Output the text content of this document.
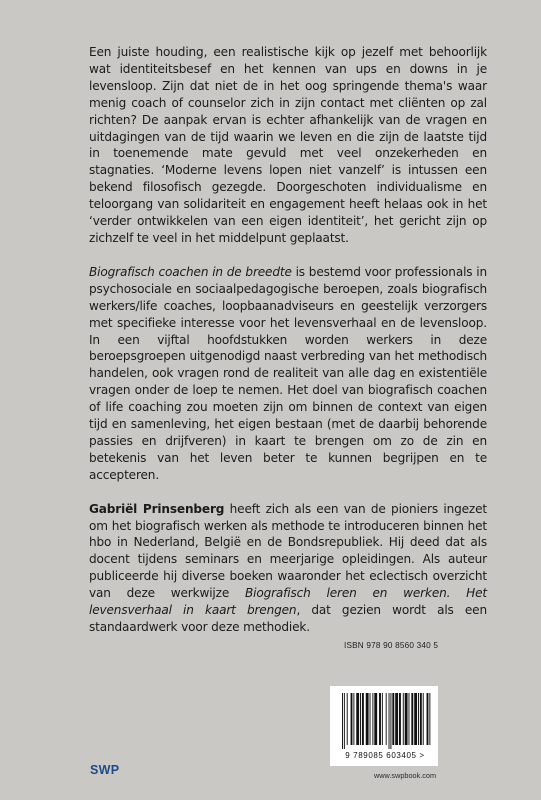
Een juiste houding, een realistische kijk op jezelf met behoorlijk wat identiteitsbesef en het kennen van ups en downs in je levensloop. Zijn dat niet de in het oog springende thema's waar menig coach of counselor zich in zijn contact met cliënten op zal richten? De aanpak ervan is echter afhankelijk van de vragen en uitdagingen van de tijd waarin we leven en die zijn de laatste tijd in toenemende mate gevuld met veel onzekerheden en stagnaties. ‘Moderne levens lopen niet vanzelf’ is intussen een bekend filosofisch gezegde. Doorgeschoten individualisme en teloorgang van solidariteit en engagement heeft helaas ook in het ‘verder ontwikkelen van een eigen identiteit’, het gericht zijn op zichzelf te veel in het middelpunt geplaatst.

Biografisch coachen in de breedte is bestemd voor professionals in psychosociale en sociaalpedagogische beroepen, zoals biografisch werkers/life coaches, loopbaanadviseurs en geestelijk verzorgers met specifieke interesse voor het levensverhaal en de levensloop. In een vijftal hoofdstukken worden werkers in deze beroepsgroepen uitgenodigd naast verbreding van het methodisch handelen, ook vragen rond de realiteit van alle dag en existentiële vragen onder de loep te nemen. Het doel van biografisch coachen of life coaching zou moeten zijn om binnen de context van eigen tijd en samenleving, het eigen bestaan (met de daarbij behorende passies en drijfveren) in kaart te brengen om zo de zin en betekenis van het leven beter te kunnen begrijpen en te accepteren.

Gabriël Prinsenberg heeft zich als een van de pioniers ingezet om het biografisch werken als methode te introduceren binnen het hbo in Nederland, België en de Bondsrepubliek. Hij deed dat als docent tijdens seminars en meerjarige opleidingen. Als auteur publiceerde hij diverse boeken waaronder het eclectisch overzicht van deze werkwijze Biografisch leren en werken. Het levensverhaal in kaart brengen, dat gezien wordt als een standaardwerk voor deze methodiek.

ISBN 978 90 8560 340 5
9 789085 603405 >
www.swpbook.com
SWP
